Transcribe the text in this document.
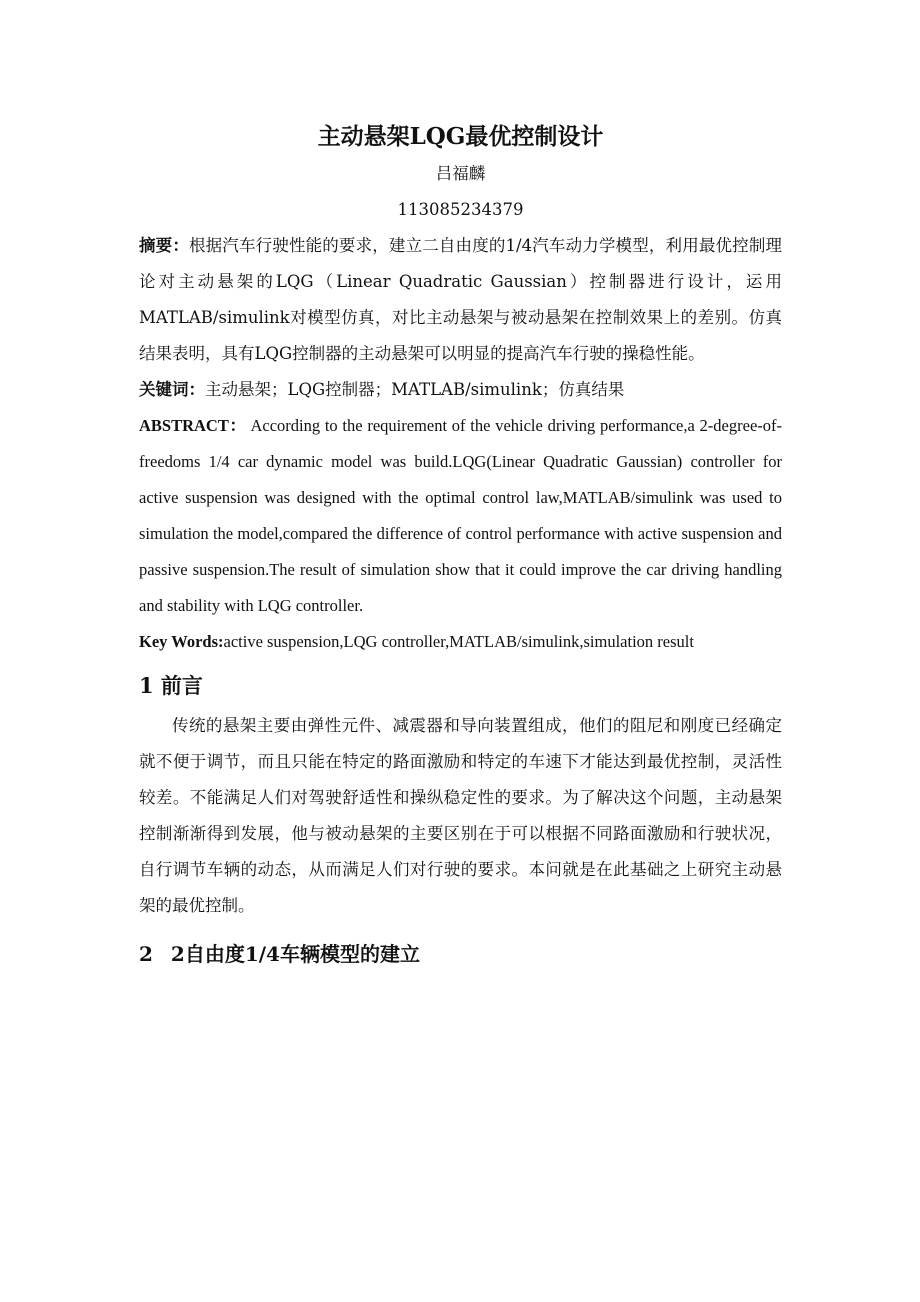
主动悬架LQG最优控制设计

吕福麟

113085234379

摘要：根据汽车行驶性能的要求，建立二自由度的1/4汽车动力学模型，利用最优控制理论对主动悬架的LQG（Linear Quadratic Gaussian）控制器进行设计，运用MATLAB/simulink对模型仿真，对比主动悬架与被动悬架在控制效果上的差别。仿真结果表明，具有LQG控制器的主动悬架可以明显的提高汽车行驶的操稳性能。

关键词：主动悬架；LQG控制器；MATLAB/simulink；仿真结果

ABSTRACT： According to the requirement of the vehicle driving performance,a 2-degree-of-freedoms 1/4 car dynamic model was build.LQG(Linear Quadratic Gaussian) controller for active suspension was designed with the optimal control law,MATLAB/simulink was used to simulation the model,compared the difference of control performance with active suspension and passive suspension.The result of simulation show that it could improve the car driving handling and stability with LQG controller.

Key Words:active suspension,LQG controller,MATLAB/simulink,simulation result

1 前言

传统的悬架主要由弹性元件、减震器和导向装置组成，他们的阻尼和刚度已经确定就不便于调节，而且只能在特定的路面激励和特定的车速下才能达到最优控制，灵活性较差。不能满足人们对驾驶舒适性和操纵稳定性的要求。为了解决这个问题，主动悬架控制渐渐得到发展，他与被动悬架的主要区别在于可以根据不同路面激励和行驶状况，自行调节车辆的动态，从而满足人们对行驶的要求。本问就是在此基础之上研究主动悬架的最优控制。

2 2自由度1/4车辆模型的建立
